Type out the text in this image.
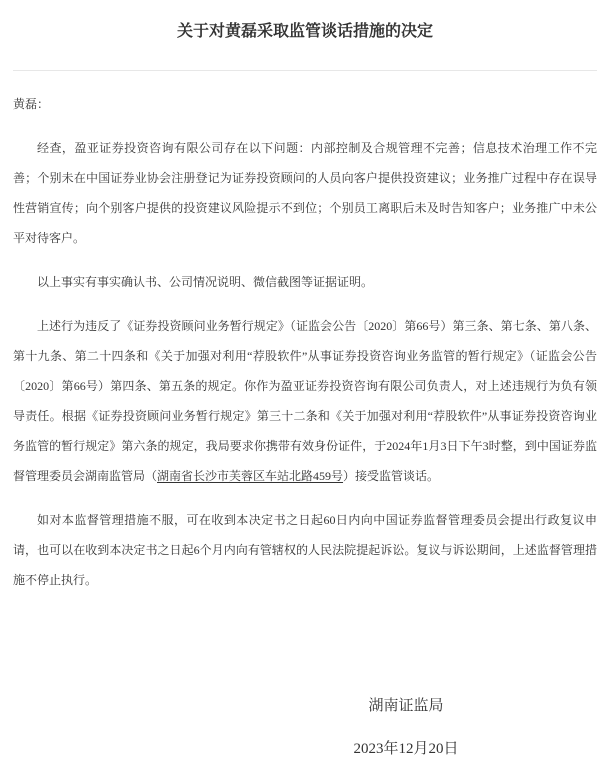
关于对黄磊采取监管谈话措施的决定

黄磊：

经查，盈亚证券投资咨询有限公司存在以下问题：内部控制及合规管理不完善；信息技术治理工作不完善；个别未在中国证券业协会注册登记为证券投资顾问的人员向客户提供投资建议；业务推广过程中存在误导性营销宣传；向个别客户提供的投资建议风险提示不到位；个别员工离职后未及时告知客户；业务推广中未公平对待客户。

以上事实有事实确认书、公司情况说明、微信截图等证据证明。

上述行为违反了《证券投资顾问业务暂行规定》（证监会公告〔2020〕第66号）第三条、第七条、第八条、第十九条、第二十四条和《关于加强对利用“荐股软件”从事证券投资咨询业务监管的暂行规定》（证监会公告〔2020〕第66号）第四条、第五条的规定。你作为盈亚证券投资咨询有限公司负责人，对上述违规行为负有领导责任。根据《证券投资顾问业务暂行规定》第三十二条和《关于加强对利用“荐股软件”从事证券投资咨询业务监管的暂行规定》第六条的规定，我局要求你携带有效身份证件，于2024年1月3日下午3时整，到中国证券监督管理委员会湖南监管局（湖南省长沙市芙蓉区车站北路459号）接受监管谈话。

如对本监督管理措施不服，可在收到本决定书之日起60日内向中国证券监督管理委员会提出行政复议申请，也可以在收到本决定书之日起6个月内向有管辖权的人民法院提起诉讼。复议与诉讼期间，上述监督管理措施不停止执行。

湖南证监局
2023年12月20日
